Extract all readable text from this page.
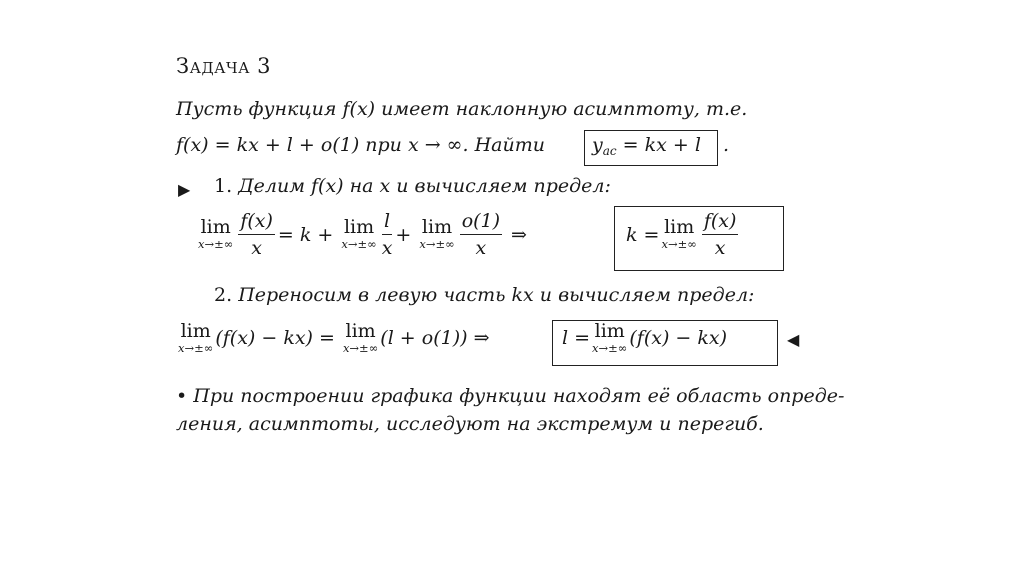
Задача 3
Пусть функция f(x) имеет наклонную асимптоту, т.е.
f(x) = kx + l + o(1) при x → ∞. Найти $y_{ас}$ = kx + l .
▶ 1. Делим f(x) на x и вычисляем предел:
lim
$x\to\pm\infty \frac{f(x)}{x} = k + \lim$
$x\to\pm\infty \frac{l}{x} + \lim$
$x\to\pm\infty \frac{o(1)}{x}$ ⇒	k = lim
$x\to\pm\infty \frac{f(x)}{x}$
2. Переносим в левую часть kx и вычисляем предел:
lim
x→±∞ (f(x) − kx) = lim
x→±∞ (l + o(1)) ⇒	l = lim
x→±∞ (f(x) − kx)	◀
• При построении графика функции находят её область опреде-
ления, асимптоты, исследуют на экстремум и перегиб.
